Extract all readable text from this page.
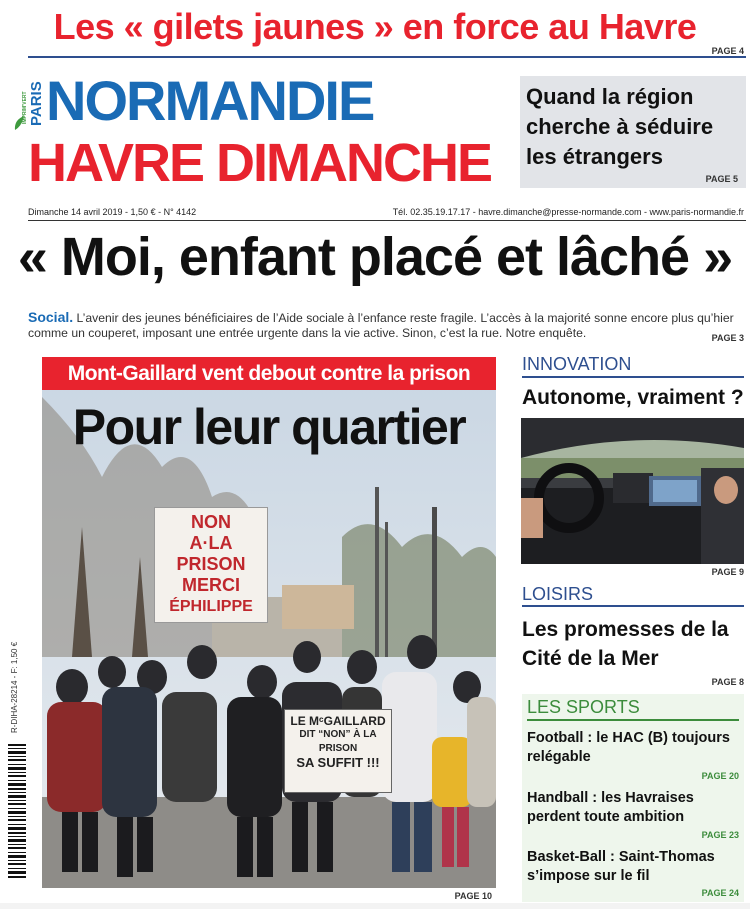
Les « gilets jaunes » en force au Havre
PAGE 4
IMPRIM'VERT PARIS NORMANDIE
HAVRE DIMANCHE
Quand la région cherche à séduire les étrangers
PAGE 5
Dimanche 14 avril 2019 - 1,50 € - N° 4142	Tél. 02.35.19.17.17 - havre.dimanche@presse-normande.com - www.paris-normandie.fr
« Moi, enfant placé et lâché »
Social. L’avenir des jeunes bénéficiaires de l’Aide sociale à l’enfance reste fragile. L’accès à la majorité sonne encore plus qu’hier comme un couperet, imposant une entrée urgente dans la vie active. Sinon, c’est la rue. Notre enquête.	PAGE 3
NON
A·LA
PRISON
MERCI
ÉPHILIPPE
LE MᶜGAILLARD
DIT “NON” À LA PRISON
SA SUFFIT !!!
PAGE 10
Mont-Gaillard vent debout contre la prison
Pour leur quartier
INNOVATION
Autonome, vraiment ?
PAGE 9
LOISIRS
Les promesses de la Cité de la Mer
PAGE 8
LES SPORTS
Football : le HAC (B) toujours relégable
PAGE 20
Handball : les Havraises perdent toute ambition
PAGE 23
Basket-Ball : Saint-Thomas s’impose sur le fil
PAGE 24
R-DIHA-28214 - F: 1,50 €
